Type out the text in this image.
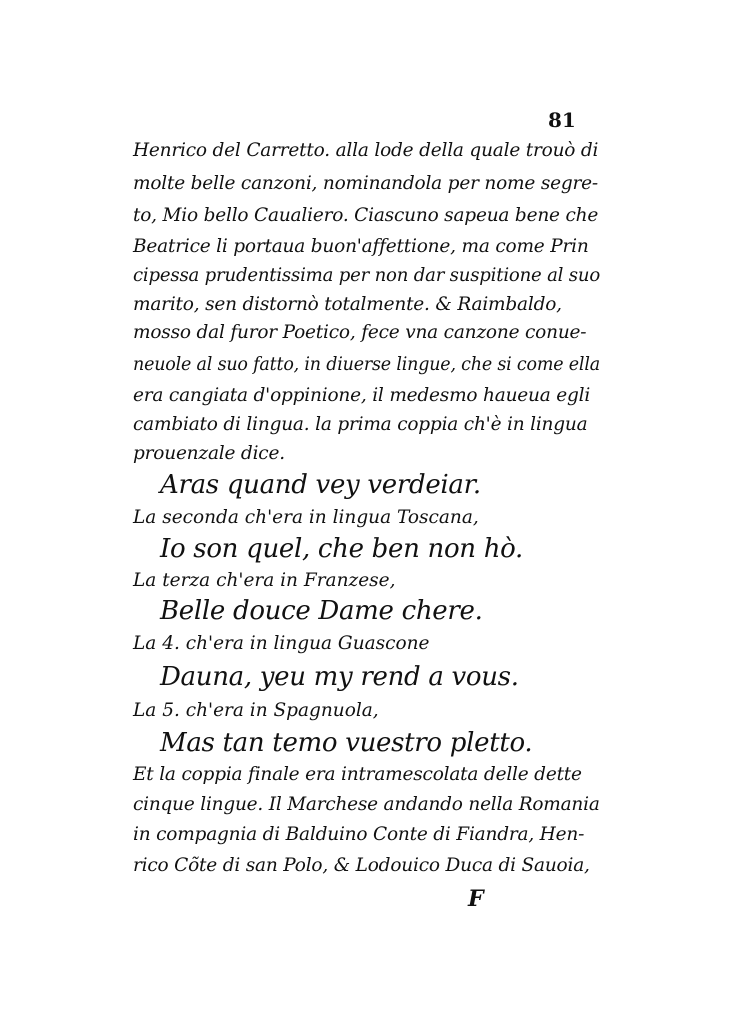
81
Henrico del Carretto. alla lode della quale trouò di
molte belle canzoni, nominandola per nome segre-
to, Mio bello Caualiero. Ciascuno sapeua bene che
Beatrice li portaua buon'affettione, ma come Prin
cipessa prudentissima per non dar suspitione al suo
marito, sen distornò totalmente. & Raimbaldo,
mosso dal furor Poetico, fece vna canzone conue-
neuole al suo fatto, in diuerse lingue, che si come ella
era cangiata d'oppinione, il medesmo haueua egli
cambiato di lingua. la prima coppia ch'è in lingua
prouenzale dice.
Aras quand vey verdeiar.
La seconda ch'era in lingua Toscana,
Io son quel, che ben non hò.
La terza ch'era in Franzese,
Belle douce Dame chere.
La 4. ch'era in lingua Guascone
Dauna, yeu my rend a vous.
La 5. ch'era in Spagnuola,
Mas tan temo vuestro pletto.
Et la coppia finale era intramescolata delle dette
cinque lingue. Il Marchese andando nella Romania
in compagnia di Balduino Conte di Fiandra, Hen-
rico Cõte di san Polo, & Lodouico Duca di Sauoia,
F
